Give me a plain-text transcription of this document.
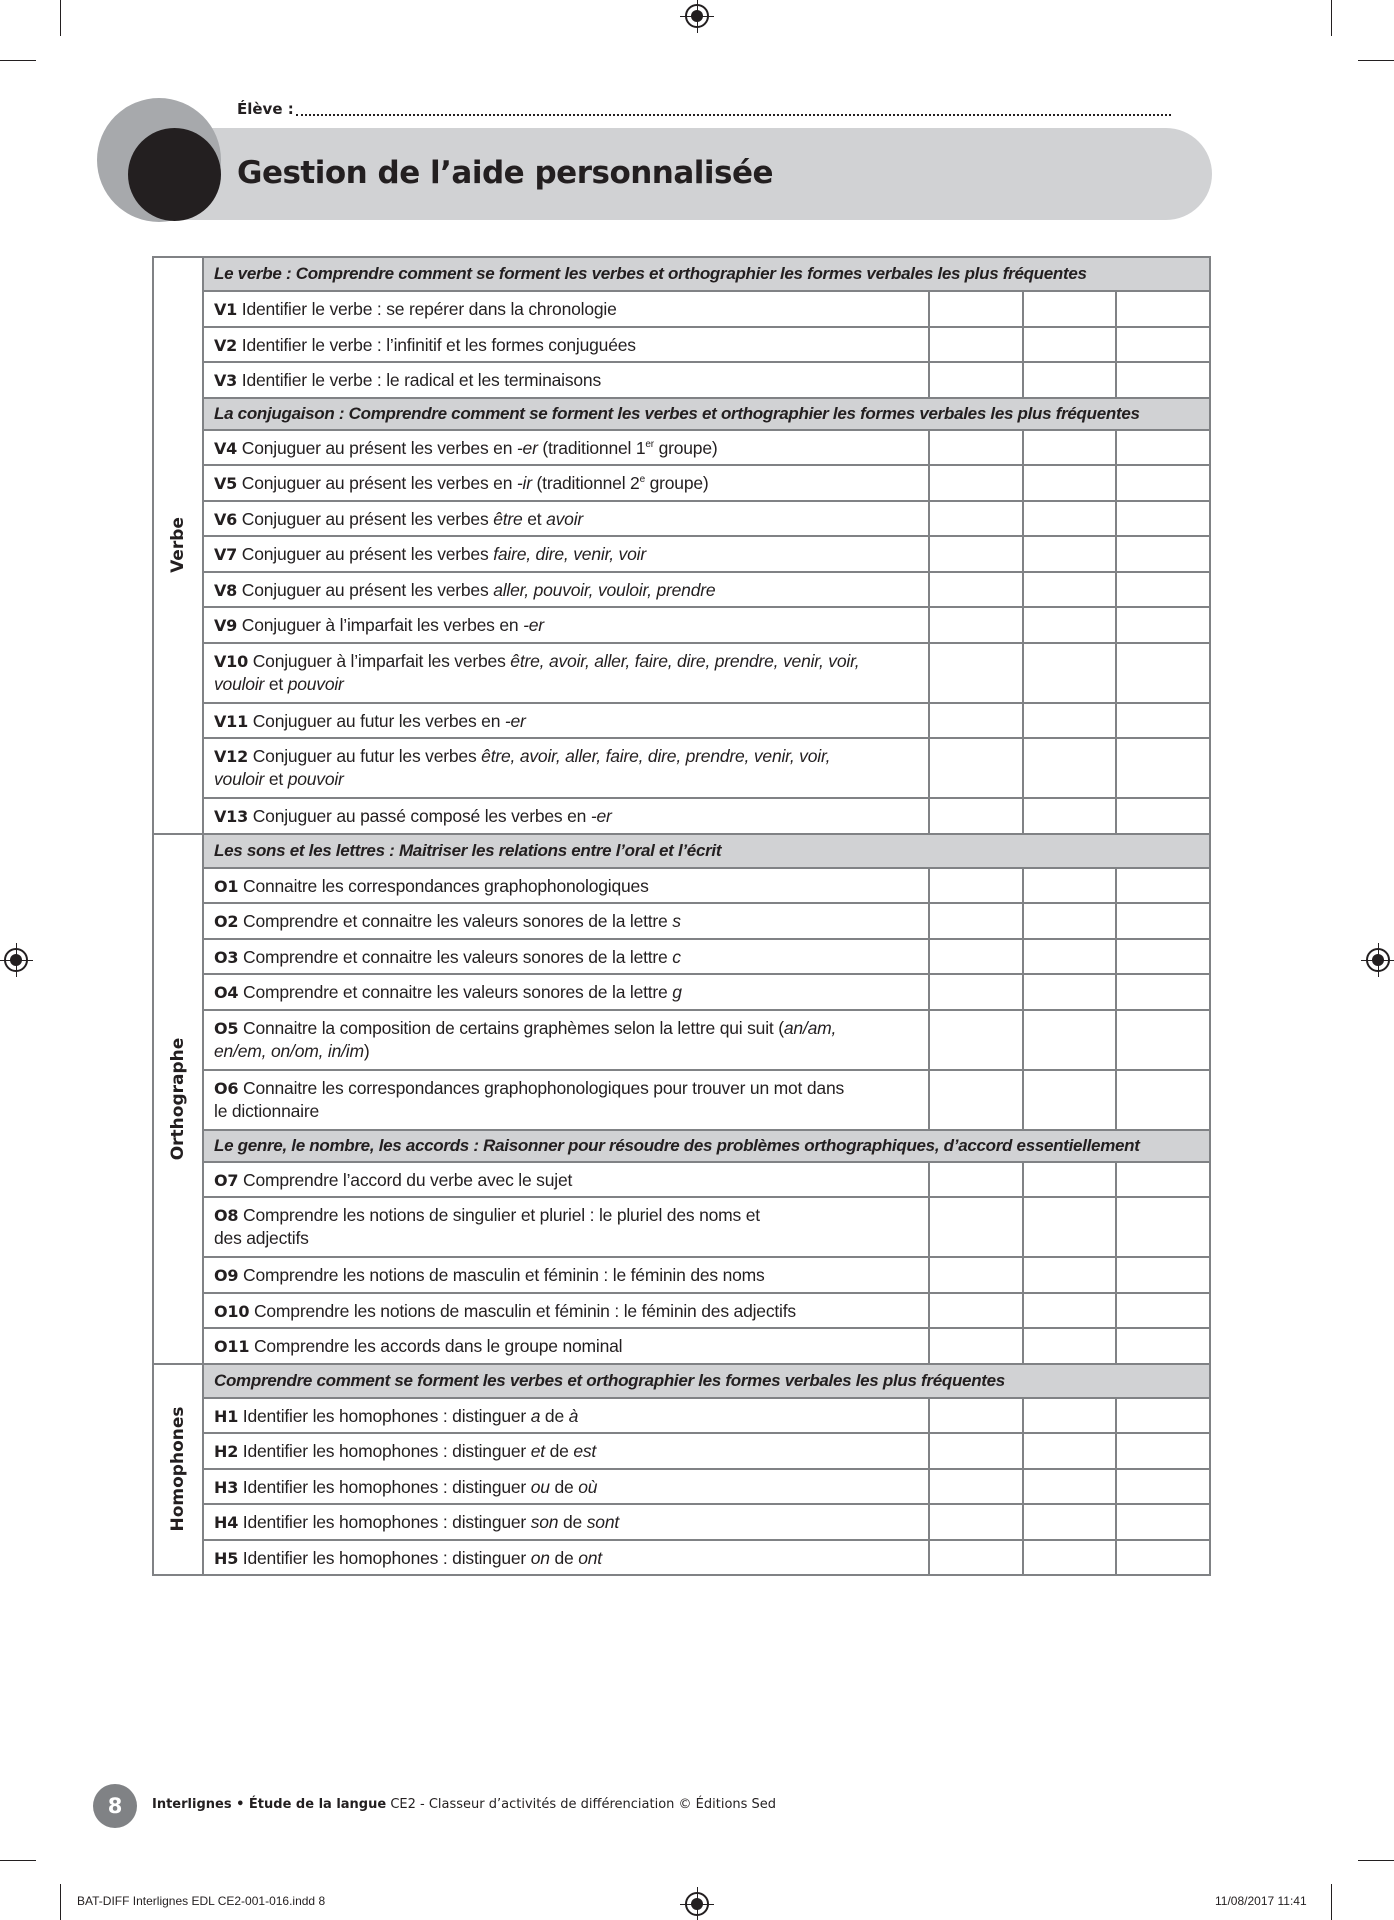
Élève :
Gestion de l’aide personnalisée
Verbe
Le verbe : Comprendre comment se forment les verbes et orthographier les formes verbales les plus fréquentes
V1 Identifier le verbe : se repérer dans la chronologie
V2 Identifier le verbe : l’infinitif et les formes conjuguées
V3 Identifier le verbe : le radical et les terminaisons
La conjugaison : Comprendre comment se forment les verbes et orthographier les formes verbales les plus fréquentes
V4 Conjuguer au présent les verbes en -er (traditionnel 1er groupe)
V5 Conjuguer au présent les verbes en -ir (traditionnel 2e groupe)
V6 Conjuguer au présent les verbes être et avoir
V7 Conjuguer au présent les verbes faire, dire, venir, voir
V8 Conjuguer au présent les verbes aller, pouvoir, vouloir, prendre
V9 Conjuguer à l’imparfait les verbes en -er
V10 Conjuguer à l’imparfait les verbes être, avoir, aller, faire, dire, prendre, venir, voir,
vouloir et pouvoir
V11 Conjuguer au futur les verbes en -er
V12 Conjuguer au futur les verbes être, avoir, aller, faire, dire, prendre, venir, voir,
vouloir et pouvoir
V13 Conjuguer au passé composé les verbes en -er
Orthographe
Les sons et les lettres : Maitriser les relations entre l’oral et l’écrit
O1 Connaitre les correspondances graphophonologiques
O2 Comprendre et connaitre les valeurs sonores de la lettre s
O3 Comprendre et connaitre les valeurs sonores de la lettre c
O4 Comprendre et connaitre les valeurs sonores de la lettre g
O5 Connaitre la composition de certains graphèmes selon la lettre qui suit (an/am,
en/em, on/om, in/im)
O6 Connaitre les correspondances graphophonologiques pour trouver un mot dans
le dictionnaire
Le genre, le nombre, les accords : Raisonner pour résoudre des problèmes orthographiques, d’accord essentiellement
O7 Comprendre l’accord du verbe avec le sujet
O8 Comprendre les notions de singulier et pluriel : le pluriel des noms et
des adjectifs
O9 Comprendre les notions de masculin et féminin : le féminin des noms
O10 Comprendre les notions de masculin et féminin : le féminin des adjectifs
O11 Comprendre les accords dans le groupe nominal
Homophones
Comprendre comment se forment les verbes et orthographier les formes verbales les plus fréquentes
H1 Identifier les homophones : distinguer a de à
H2 Identifier les homophones : distinguer et de est
H3 Identifier les homophones : distinguer ou de où
H4 Identifier les homophones : distinguer son de sont
H5 Identifier les homophones : distinguer on de ont
8	Interlignes • Étude de la langue CE2 - Classeur d’activités de différenciation © Éditions Sed
BAT-DIFF Interlignes EDL CE2-001-016.indd 8	11/08/2017 11:41
